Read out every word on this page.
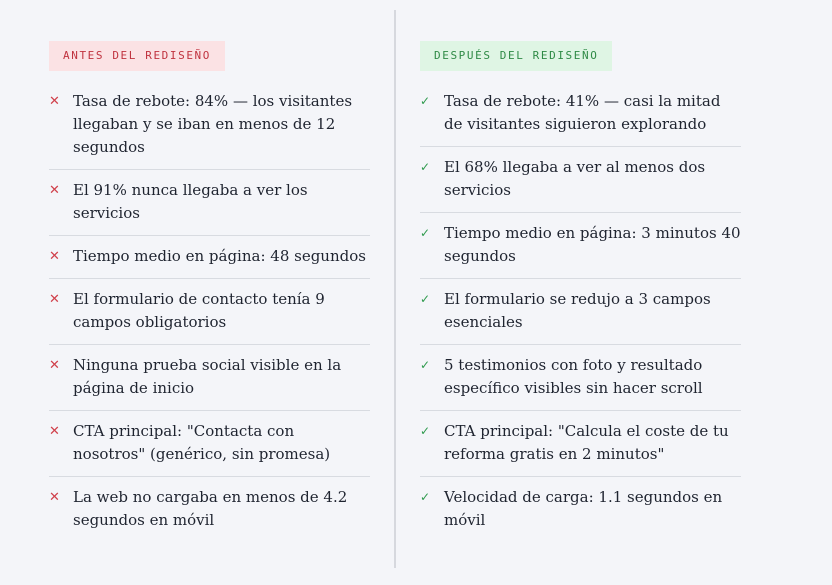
ANTES DEL REDISEÑO
✕ Tasa de rebote: 84% — los visitantes llegaban y se iban en menos de 12 segundos
✕ El 91% nunca llegaba a ver los servicios
✕ Tiempo medio en página: 48 segundos
✕ El formulario de contacto tenía 9 campos obligatorios
✕ Ninguna prueba social visible en la página de inicio
✕ CTA principal: "Contacta con nosotros" (genérico, sin promesa)
✕ La web no cargaba en menos de 4.2 segundos en móvil
DESPUÉS DEL REDISEÑO
✓ Tasa de rebote: 41% — casi la mitad de visitantes siguieron explorando
✓ El 68% llegaba a ver al menos dos servicios
✓ Tiempo medio en página: 3 minutos 40 segundos
✓ El formulario se redujo a 3 campos esenciales
✓ 5 testimonios con foto y resultado específico visibles sin hacer scroll
✓ CTA principal: "Calcula el coste de tu reforma gratis en 2 minutos"
✓ Velocidad de carga: 1.1 segundos en móvil
